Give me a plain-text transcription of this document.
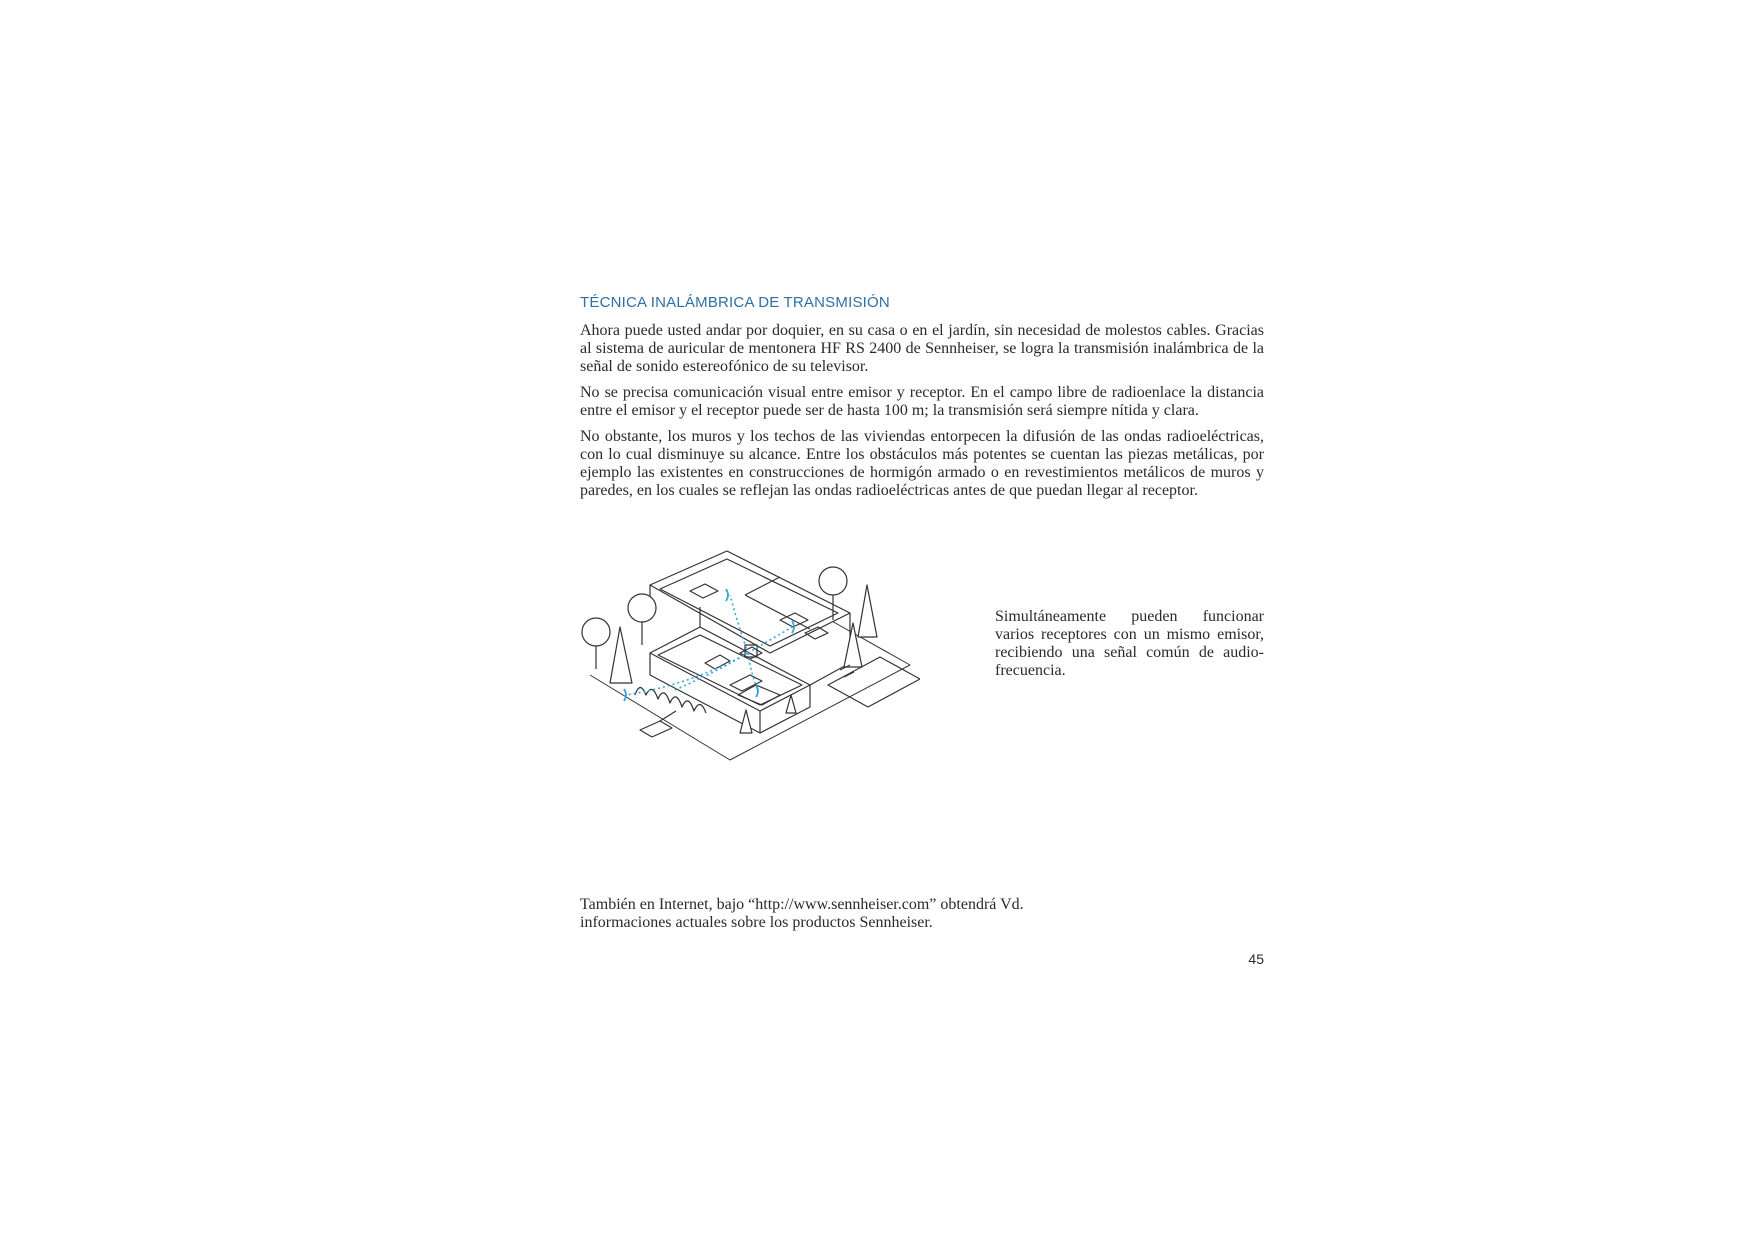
TÉCNICA INALÁMBRICA DE TRANSMISIÓN

Ahora puede usted andar por doquier, en su casa o en el jardín, sin necesidad de molestos cables. Gracias al sistema de auricular de mentonera HF RS 2400 de Sennheiser, se logra la transmisión inalámbrica de la señal de sonido estereofónico de su televisor.

No se precisa comunicación visual entre emisor y receptor. En el campo libre de radioenlace la distancia entre el emisor y el receptor puede ser de hasta 100 m; la transmisión será siempre nítida y clara.

No obstante, los muros y los techos de las viviendas entorpecen la difusión de las ondas radioeléctricas, con lo cual disminuye su alcance. Entre los obstáculos más potentes se cuentan las piezas metálicas, por ejemplo las existentes en construcciones de hormigón armado o en revestimientos metálicos de muros y paredes, en los cuales se reflejan las ondas radioeléctricas antes de que puedan llegar al receptor.

Simultáneamente pueden funcionar varios receptores con un mismo emisor, recibiendo una señal común de audio-frecuencia.

También en Internet, bajo “http://www.sennheiser.com” obtendrá Vd. informaciones actuales sobre los productos Sennheiser.

45
